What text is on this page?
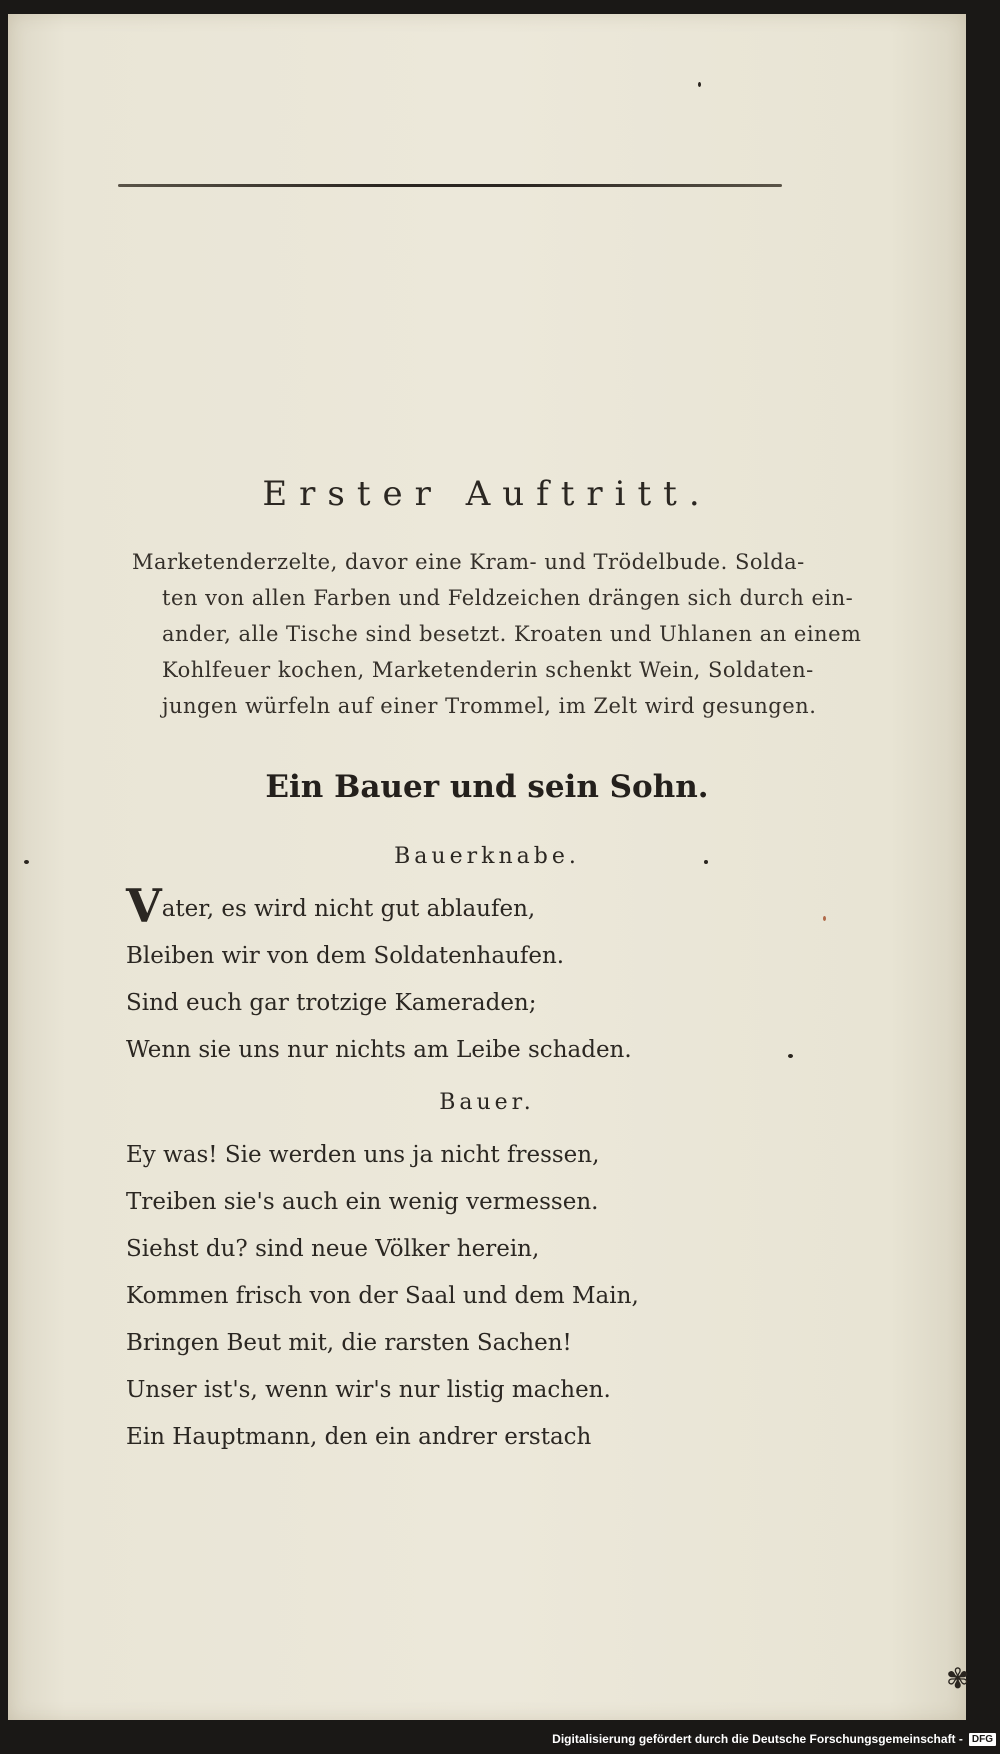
Erster Auftritt.
Marketenderzelte, davor eine Kram- und Trödelbude. Solda-
ten von allen Farben und Feldzeichen drängen sich durch ein-
ander, alle Tische sind besetzt. Kroaten und Uhlanen an einem
Kohlfeuer kochen, Marketenderin schenkt Wein, Soldaten-
jungen würfeln auf einer Trommel, im Zelt wird gesungen.
Ein Bauer und sein Sohn.
Bauerknabe.
Vater, es wird nicht gut ablaufen,
Bleiben wir von dem Soldatenhaufen.
Sind euch gar trotzige Kameraden;
Wenn sie uns nur nichts am Leibe schaden.
Bauer.
Ey was! Sie werden uns ja nicht fressen,
Treiben sie's auch ein wenig vermessen.
Siehst du? sind neue Völker herein,
Kommen frisch von der Saal und dem Main,
Bringen Beut mit, die rarsten Sachen!
Unser ist's, wenn wir's nur listig machen.
Ein Hauptmann, den ein andrer erstach
✾
Digitalisierung gefördert durch die Deutsche Forschungsgemeinschaft - DFG
